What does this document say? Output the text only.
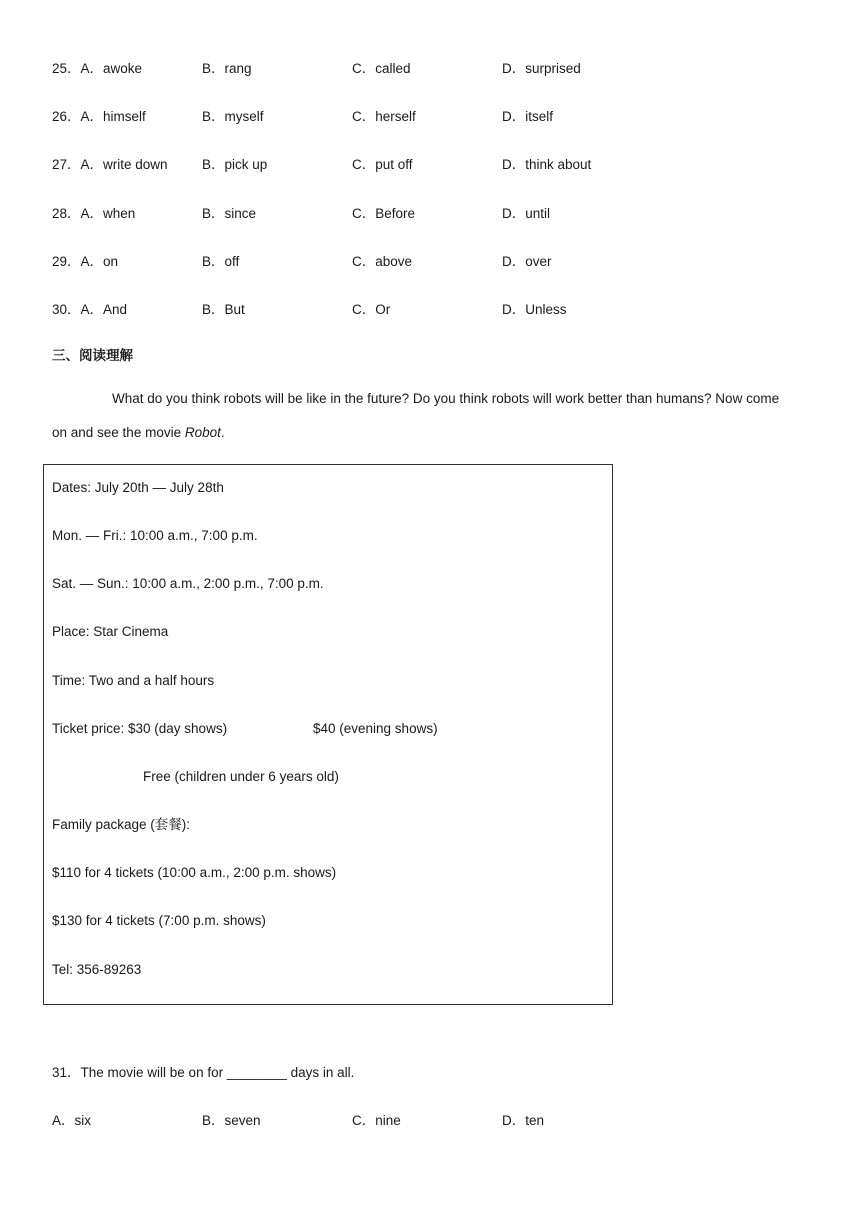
25．A．awoke	B．rang	C．called	D．surprised
26．A．himself	B．myself	C．herself	D．itself
27．A．write down	B．pick up	C．put off	D．think about
28．A．when	B．since	C．Before	D．until
29．A．on	B．off	C．above	D．over
30．A．And	B．But	C．Or	D．Unless
三、阅读理解
What do you think robots will be like in the future? Do you think robots will work better than humans? Now come on and see the movie Robot.
Dates: July 20th — July 28th
Mon. — Fri.: 10:00 a.m., 7:00 p.m.
Sat. — Sun.: 10:00 a.m., 2:00 p.m., 7:00 p.m.
Place: Star Cinema
Time: Two and a half hours
Ticket price: $30 (day shows)	$40 (evening shows)
Free (children under 6 years old)
Family package (套餐):
$110 for 4 tickets (10:00 a.m., 2:00 p.m. shows)
$130 for 4 tickets (7:00 p.m. shows)
Tel: 356-89263
31．The movie will be on for ________ days in all.
A．six	B．seven	C．nine	D．ten
